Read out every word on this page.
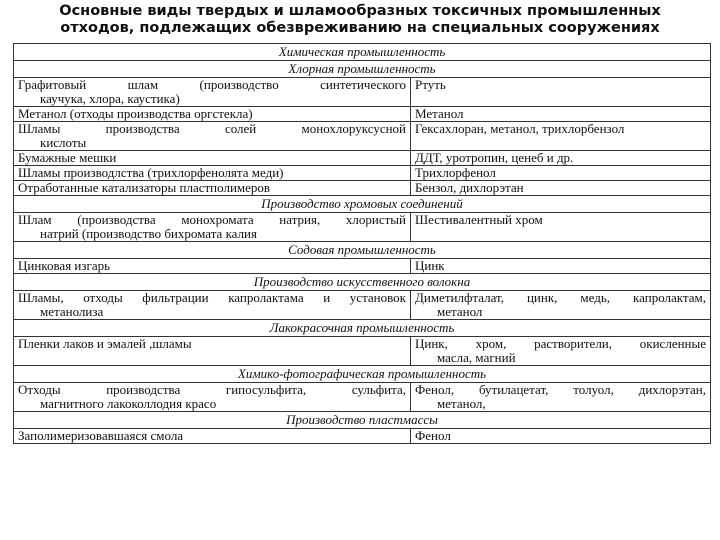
Основные виды твердых и шламообразных токсичных промышленных
отходов, подлежащих обезвреживанию на специальных сооружениях
Химическая промышленность	
Хлорная промышленность	
Графитовый шлам (производство синтетического
каучука, хлора, каустика)	Ртуть
Метанол (отходы производства оргстекла)	Метанол
Шламы производства солей монохлоруксусной
кислоты	Гексахлоран, метанол, трихлорбензол
Бумажные мешки	ДДТ, уротропин, ценеб и др.
Шламы производлства (трихлорфенолята меди)	Трихлорфенол
Отработанные катализаторы пластполимеров	Бензол, дихлорэтан
Производство хромовых соединений	
Шлам (производства монохромата натрия, хлористый
натрий (производство бихромата калия	Шестивалентный хром
Содовая промышленность	
Цинковая изгарь	Цинк
Производство искусственного волокна	
Шламы, отходы фильтрации капролактама и установок
метанолиза	Диметилфталат, цинк, медь, капролактам,
метанол

Лакокрасочная промышленность	
Пленки лаков и эмалей ,шламы	Цинк, хром, растворители, окисленные
масла, магний

Химико-фотографическая промышленность	
Отходы производства гипосульфита, сульфита,
магнитного лакоколлодия красо	Фенол, бутилацетат, толуол, дихлорэтан,
метанол,

Производство пластмассы	
Заполимеризовавшаяся смола	Фенол
